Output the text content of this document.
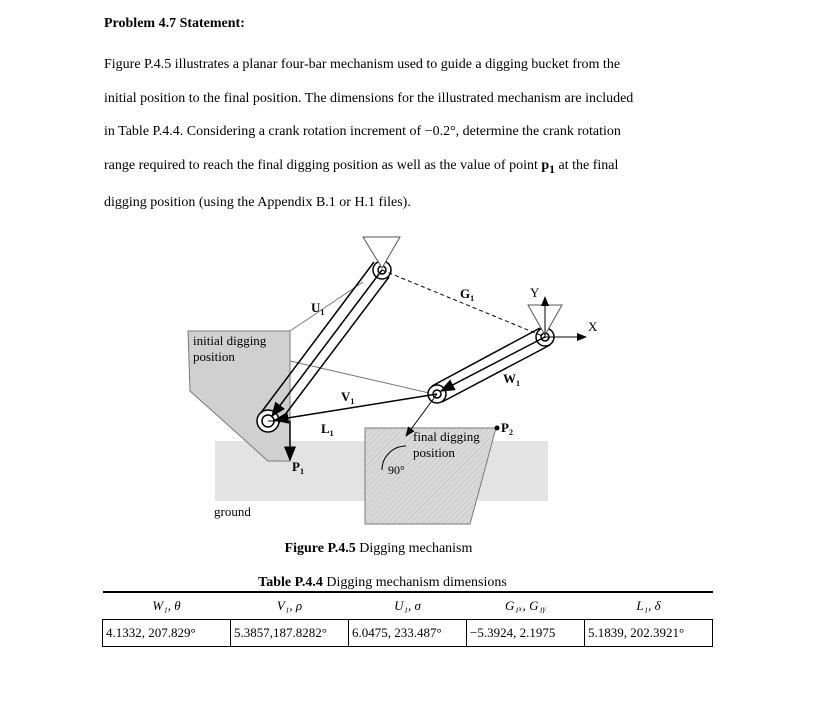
Problem 4.7 Statement:

Figure P.4.5 illustrates a planar four-bar mechanism used to guide a digging bucket from the
initial position to the final position. The dimensions for the illustrated mechanism are included
in Table P.4.4. Considering a crank rotation increment of −0.2°, determine the crank rotation
range required to reach the final digging position as well as the value of point $p_1$ at the final
digging position (using the Appendix B.1 or H.1 files).

$U_1$
$G_1$	Y
X
$W_1$
$V_1$
$L_1$
$P_1$
$P_2$
initial digging
position
final digging
position
90°
ground
Figure P.4.5 Digging mechanism
Table P.4.4 Digging mechanism dimensions
W₁, θ	V₁, ρ	U₁, σ	G₁ₓ, G₁ᵧ	L₁, δ
4.1332, 207.829°	5.3857,187.8282°	6.0475, 233.487°	−5.3924, 2.1975	5.1839, 202.3921°
